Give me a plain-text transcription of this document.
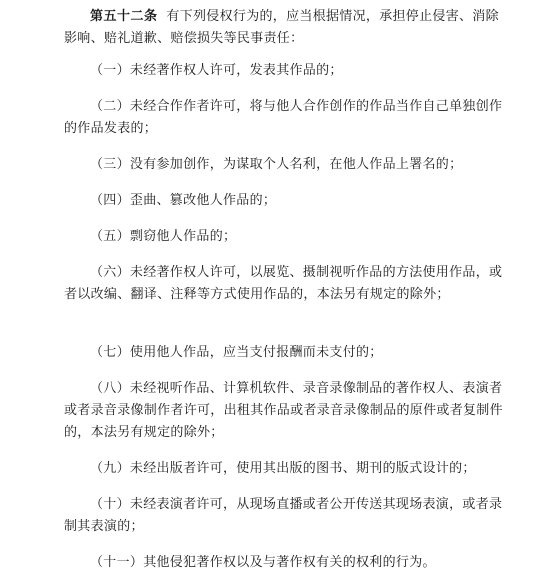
第五十二条 有下列侵权行为的，应当根据情况，承担停止侵害、消除影响、赔礼道歉、赔偿损失等民事责任：

（一）未经著作权人许可，发表其作品的；

（二）未经合作作者许可，将与他人合作创作的作品当作自己单独创作的作品发表的；

（三）没有参加创作，为谋取个人名利，在他人作品上署名的；

（四）歪曲、篡改他人作品的；

（五）剽窃他人作品的；

（六）未经著作权人许可，以展览、摄制视听作品的方法使用作品，或者以改编、翻译、注释等方式使用作品的，本法另有规定的除外；

（七）使用他人作品，应当支付报酬而未支付的；

（八）未经视听作品、计算机软件、录音录像制品的著作权人、表演者或者录音录像制作者许可，出租其作品或者录音录像制品的原件或者复制件的，本法另有规定的除外；

（九）未经出版者许可，使用其出版的图书、期刊的版式设计的；

（十）未经表演者许可，从现场直播或者公开传送其现场表演，或者录制其表演的；

（十一）其他侵犯著作权以及与著作权有关的权利的行为。
